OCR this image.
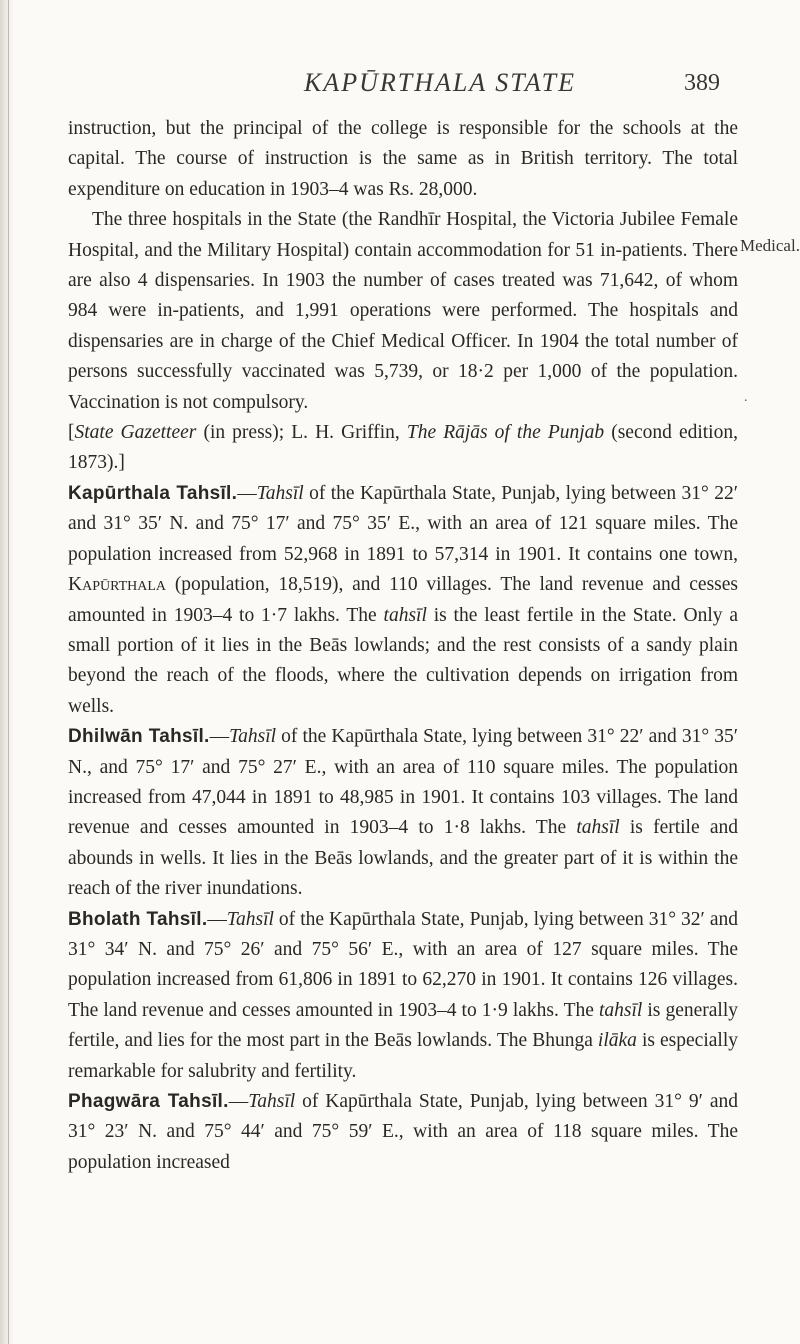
KAPŪRTHALA STATE	389
Medical.
.

instruction, but the principal of the college is responsible for the schools at the capital. The course of instruction is the same as in British territory. The total expenditure on education in 1903–4 was Rs. 28,000.

The three hospitals in the State (the Randhīr Hospital, the Victoria Jubilee Female Hospital, and the Military Hospital) contain accommodation for 51 in-patients. There are also 4 dispensaries. In 1903 the number of cases treated was 71,642, of whom 984 were in-patients, and 1,991 operations were performed. The hospitals and dispensaries are in charge of the Chief Medical Officer. In 1904 the total number of persons successfully vaccinated was 5,739, or 18·2 per 1,000 of the population. Vaccination is not compulsory.

[State Gazetteer (in press); L. H. Griffin, The Rājās of the Punjab (second edition, 1873).]

Kapūrthala Tahsīl.—Tahsīl of the Kapūrthala State, Punjab, lying between 31° 22′ and 31° 35′ N. and 75° 17′ and 75° 35′ E., with an area of 121 square miles. The population increased from 52,968 in 1891 to 57,314 in 1901. It contains one town, Kapūrthala (population, 18,519), and 110 villages. The land revenue and cesses amounted in 1903–4 to 1·7 lakhs. The tahsīl is the least fertile in the State. Only a small portion of it lies in the Beās lowlands; and the rest consists of a sandy plain beyond the reach of the floods, where the cultivation depends on irrigation from wells.

Dhilwān Tahsīl.—Tahsīl of the Kapūrthala State, lying between 31° 22′ and 31° 35′ N., and 75° 17′ and 75° 27′ E., with an area of 110 square miles. The population increased from 47,044 in 1891 to 48,985 in 1901. It contains 103 villages. The land revenue and cesses amounted in 1903–4 to 1·8 lakhs. The tahsīl is fertile and abounds in wells. It lies in the Beās lowlands, and the greater part of it is within the reach of the river inundations.

Bholath Tahsīl.—Tahsīl of the Kapūrthala State, Punjab, lying between 31° 32′ and 31° 34′ N. and 75° 26′ and 75° 56′ E., with an area of 127 square miles. The population increased from 61,806 in 1891 to 62,270 in 1901. It contains 126 villages. The land revenue and cesses amounted in 1903–4 to 1·9 lakhs. The tahsīl is generally fertile, and lies for the most part in the Beās lowlands. The Bhunga ilāka is especially remarkable for salubrity and fertility.

Phagwāra Tahsīl.—Tahsīl of Kapūrthala State, Punjab, lying between 31° 9′ and 31° 23′ N. and 75° 44′ and 75° 59′ E., with an area of 118 square miles. The population increased
